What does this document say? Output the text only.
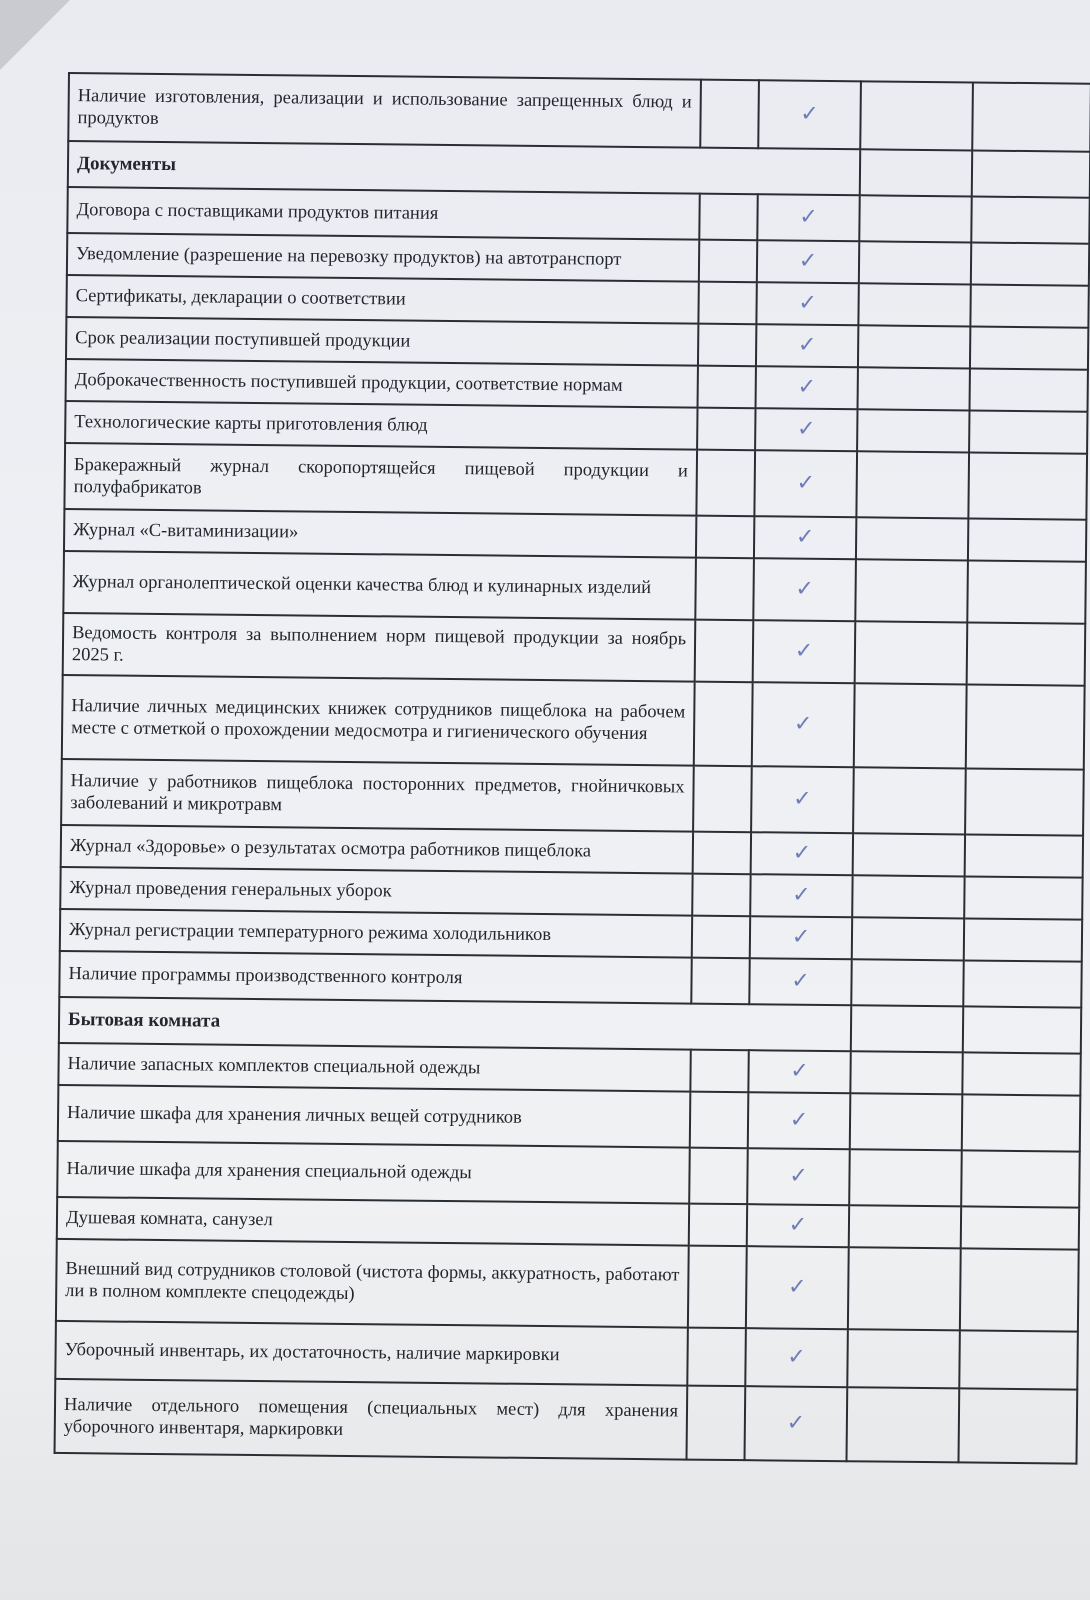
Наличие изготовления, реализации и использование запрещенных блюд и продуктов		✓		
Документы				
Договора с поставщиками продуктов питания		✓		
Уведомление (разрешение на перевозку продуктов) на автотранспорт		✓		
Сертификаты, декларации о соответствии		✓		
Срок реализации поступившей продукции		✓		
Доброкачественность поступившей продукции, соответствие нормам		✓		
Технологические карты приготовления блюд		✓		
Бракеражный журнал скоропортящейся пищевой продукции и полуфабрикатов		✓		
Журнал «С-витаминизации»		✓		
Журнал органолептической оценки качества блюд и кулинарных изделий		✓		
Ведомость контроля за выполнением норм пищевой продукции за ноябрь 2025 г.		✓		
Наличие личных медицинских книжек сотрудников пищеблока на рабочем месте с отметкой о прохождении медосмотра и гигиенического обучения		✓		
Наличие у работников пищеблока посторонних предметов, гнойничковых заболеваний и микротравм		✓		
Журнал «Здоровье» о результатах осмотра работников пищеблока		✓		
Журнал проведения генеральных уборок		✓		
Журнал регистрации температурного режима холодильников		✓		
Наличие программы производственного контроля		✓		
Бытовая комната				
Наличие запасных комплектов специальной одежды		✓		
Наличие шкафа для хранения личных вещей сотрудников		✓		
Наличие шкафа для хранения специальной одежды		✓		
Душевая комната, санузел		✓		
Внешний вид сотрудников столовой (чистота формы, аккуратность, работают ли в полном комплекте спецодежды)		✓		
Уборочный инвентарь, их достаточность, наличие маркировки		✓		
Наличие отдельного помещения (специальных мест) для хранения уборочного инвентаря, маркировки		✓		
